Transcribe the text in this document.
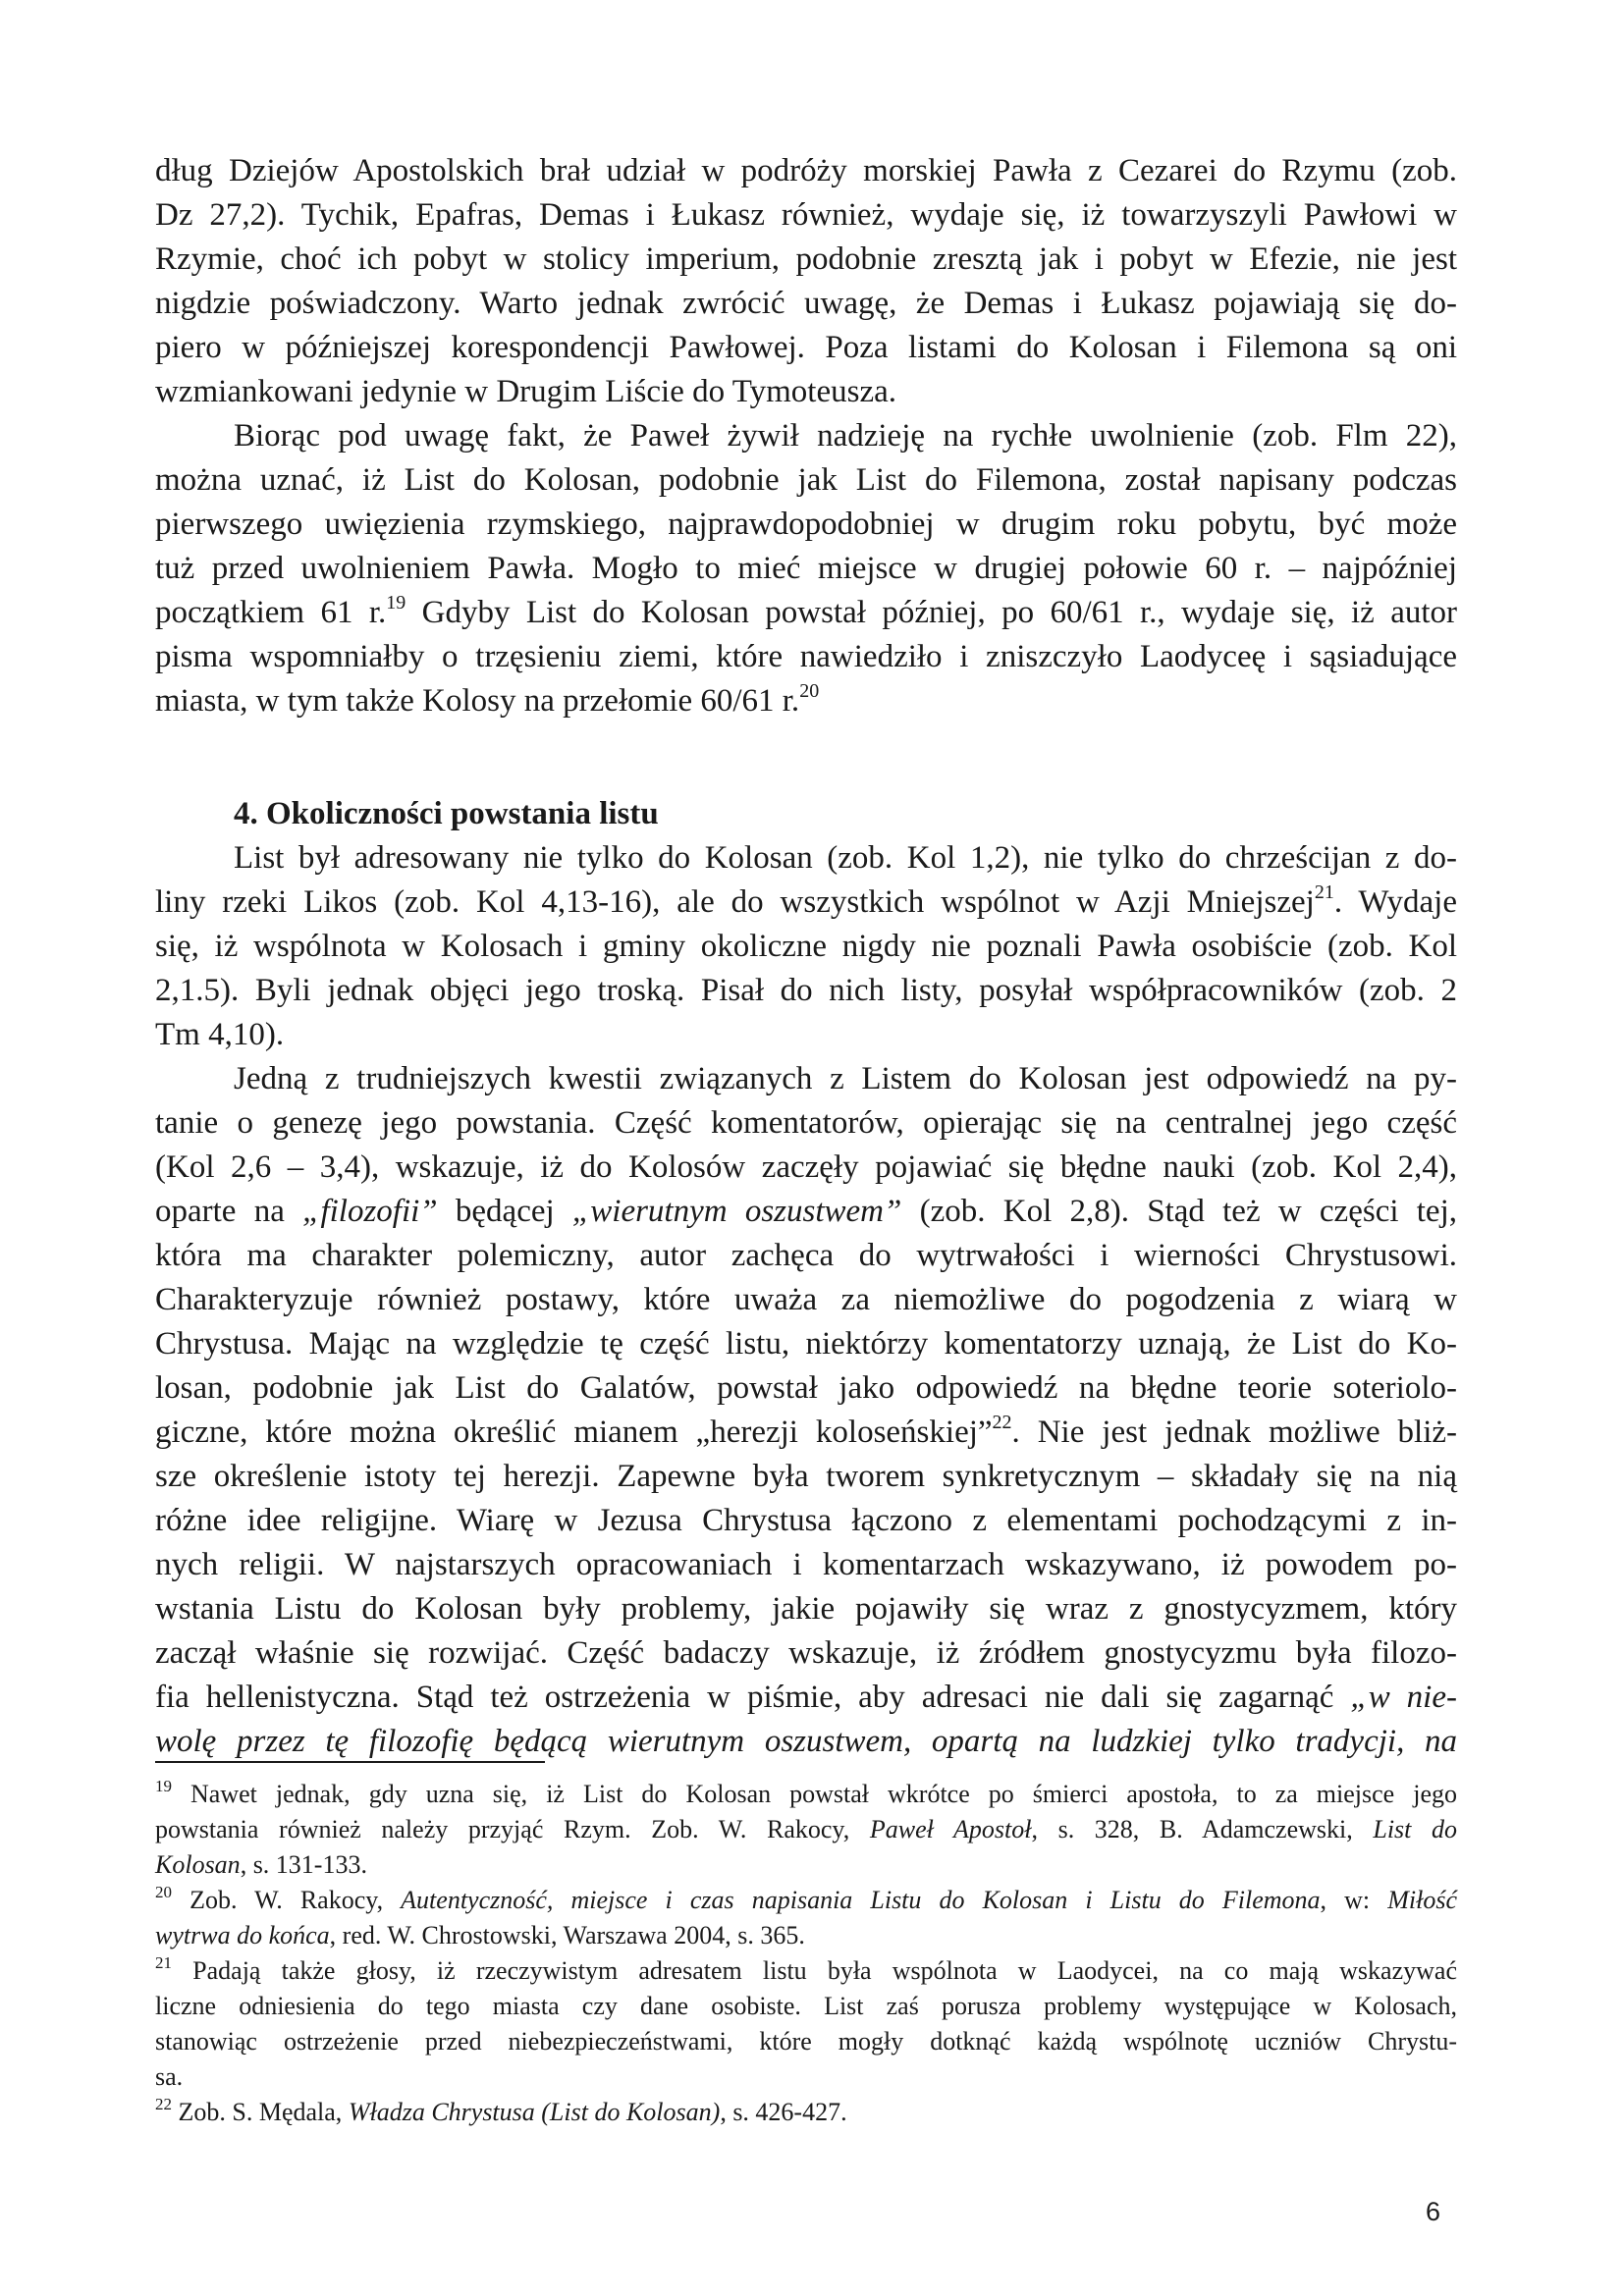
dług Dziejów Apostolskich brał udział w podróży morskiej Pawła z Cezarei do Rzymu (zob.
Dz 27,2). Tychik, Epafras, Demas i Łukasz również, wydaje się, iż towarzyszyli Pawłowi w
Rzymie, choć ich pobyt w stolicy imperium, podobnie zresztą jak i pobyt w Efezie, nie jest
nigdzie poświadczony. Warto jednak zwrócić uwagę, że Demas i Łukasz pojawiają się do-
piero w późniejszej korespondencji Pawłowej. Poza listami do Kolosan i Filemona są oni
wzmiankowani jedynie w Drugim Liście do Tymoteusza.
Biorąc pod uwagę fakt, że Paweł żywił nadzieję na rychłe uwolnienie (zob. Flm 22),
można uznać, iż List do Kolosan, podobnie jak List do Filemona, został napisany podczas
pierwszego uwięzienia rzymskiego, najprawdopodobniej w drugim roku pobytu, być może
tuż przed uwolnieniem Pawła. Mogło to mieć miejsce w drugiej połowie 60 r. – najpóźniej
początkiem 61 r.$^{19}$ Gdyby List do Kolosan powstał później, po 60/61 r., wydaje się, iż autor
pisma wspomniałby o trzęsieniu ziemi, które nawiedziło i zniszczyło Laodyceę i sąsiadujące
miasta, w tym także Kolosy na przełomie 60/61 r.$^{20}$
4. Okoliczności powstania listu
List był adresowany nie tylko do Kolosan (zob. Kol 1,2), nie tylko do chrześcijan z do-
liny rzeki Likos (zob. Kol 4,13-16), ale do wszystkich wspólnot w Azji Mniejszej$^{21}$. Wydaje
się, iż wspólnota w Kolosach i gminy okoliczne nigdy nie poznali Pawła osobiście (zob. Kol
2,1.5). Byli jednak objęci jego troską. Pisał do nich listy, posyłał współpracowników (zob. 2
Tm 4,10).
Jedną z trudniejszych kwestii związanych z Listem do Kolosan jest odpowiedź na py-
tanie o genezę jego powstania. Część komentatorów, opierając się na centralnej jego część
(Kol 2,6 – 3,4), wskazuje, iż do Kolosów zaczęły pojawiać się błędne nauki (zob. Kol 2,4),
oparte na „filozofii” będącej „wierutnym oszustwem” (zob. Kol 2,8). Stąd też w części tej,
która ma charakter polemiczny, autor zachęca do wytrwałości i wierności Chrystusowi.
Charakteryzuje również postawy, które uważa za niemożliwe do pogodzenia z wiarą w
Chrystusa. Mając na względzie tę część listu, niektórzy komentatorzy uznają, że List do Ko-
losan, podobnie jak List do Galatów, powstał jako odpowiedź na błędne teorie soteriolo-
giczne, które można określić mianem „herezji koloseńskiej”$^{22}$. Nie jest jednak możliwe bliż-
sze określenie istoty tej herezji. Zapewne była tworem synkretycznym – składały się na nią
różne idee religijne. Wiarę w Jezusa Chrystusa łączono z elementami pochodzącymi z in-
nych religii. W najstarszych opracowaniach i komentarzach wskazywano, iż powodem po-
wstania Listu do Kolosan były problemy, jakie pojawiły się wraz z gnostycyzmem, który
zaczął właśnie się rozwijać. Część badaczy wskazuje, iż źródłem gnostycyzmu była filozo-
fia hellenistyczna. Stąd też ostrzeżenia w piśmie, aby adresaci nie dali się zagarnąć „w nie-
wolę przez tę filozofię będącą wierutnym oszustwem, opartą na ludzkiej tylko tradycji, na
$^{19}$ Nawet jednak, gdy uzna się, iż List do Kolosan powstał wkrótce po śmierci apostoła, to za miejsce jego
powstania również należy przyjąć Rzym. Zob. W. Rakocy, Paweł Apostoł, s. 328, B. Adamczewski, List do
Kolosan, s. 131-133.
$^{20}$ Zob. W. Rakocy, Autentyczność, miejsce i czas napisania Listu do Kolosan i Listu do Filemona, w: Miłość
wytrwa do końca, red. W. Chrostowski, Warszawa 2004, s. 365.
$^{21}$ Padają także głosy, iż rzeczywistym adresatem listu była wspólnota w Laodycei, na co mają wskazywać
liczne odniesienia do tego miasta czy dane osobiste. List zaś porusza problemy występujące w Kolosach,
stanowiąc ostrzeżenie przed niebezpieczeństwami, które mogły dotknąć każdą wspólnotę uczniów Chrystu-
sa.
$^{22}$ Zob. S. Mędala, Władza Chrystusa (List do Kolosan), s. 426-427.
6
